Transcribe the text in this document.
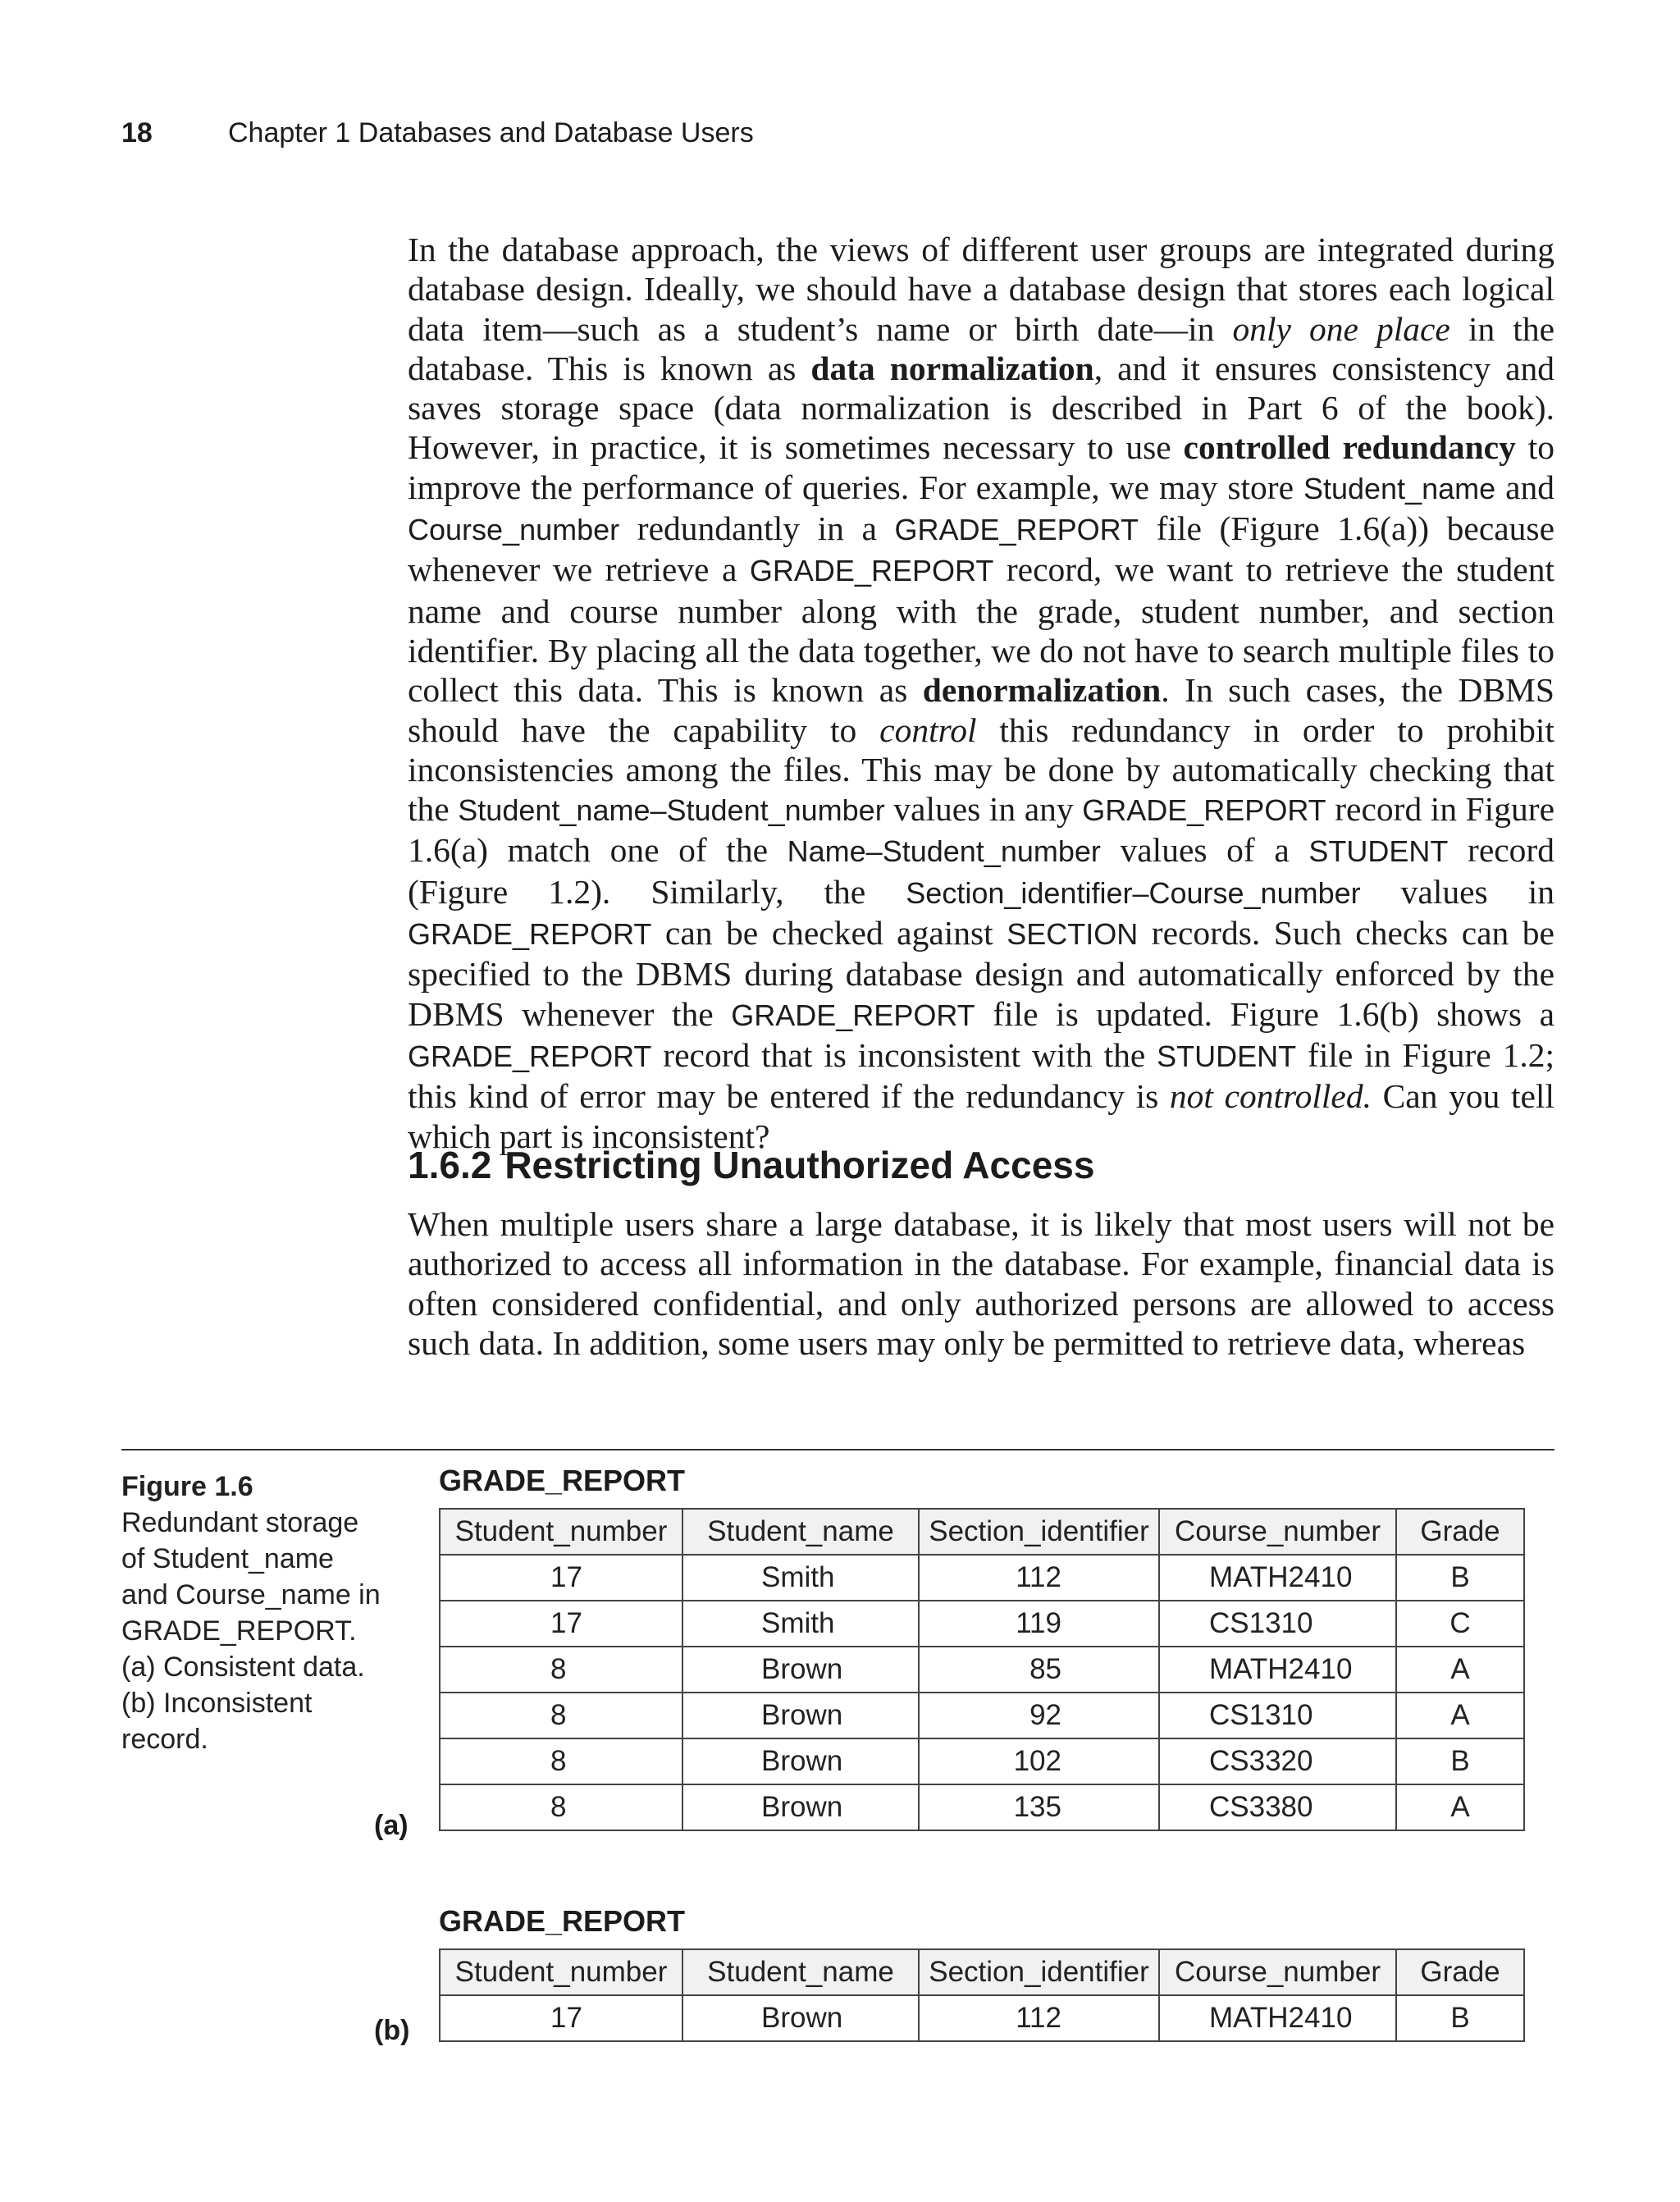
18	Chapter 1 Databases and Database Users

In the database approach, the views of different user groups are integrated during database design. Ideally, we should have a database design that stores each logical data item—such as a student’s name or birth date—in only one place in the database. This is known as data normalization, and it ensures consistency and saves storage space (data normalization is described in Part 6 of the book). However, in practice, it is sometimes necessary to use controlled redundancy to improve the performance of queries. For example, we may store Student_name and Course_number redundantly in a GRADE_REPORT file (Figure 1.6(a)) because whenever we retrieve a GRADE_REPORT record, we want to retrieve the student name and course number along with the grade, student number, and section identifier. By placing all the data together, we do not have to search multiple files to collect this data. This is known as denormalization. In such cases, the DBMS should have the capability to control this redundancy in order to prohibit inconsistencies among the files. This may be done by automatically checking that the Student_name–Student_number values in any GRADE_REPORT record in Figure 1.6(a) match one of the Name–Student_number values of a STUDENT record (Figure 1.2). Similarly, the Section_identifier–Course_number values in GRADE_REPORT can be checked against SECTION records. Such checks can be specified to the DBMS during database design and automatically enforced by the DBMS whenever the GRADE_REPORT file is updated. Figure 1.6(b) shows a GRADE_REPORT record that is inconsistent with the STUDENT file in Figure 1.2; this kind of error may be entered if the redundancy is not controlled. Can you tell which part is inconsistent?

1.6.2 Restricting Unauthorized Access

When multiple users share a large database, it is likely that most users will not be authorized to access all information in the database. For example, financial data is often considered confidential, and only authorized persons are allowed to access such data. In addition, some users may only be permitted to retrieve data, whereas

Figure 1.6
Redundant storage
of Student_name
and Course_name in
GRADE_REPORT.
(a) Consistent data.
(b) Inconsistent
record.
GRADE_REPORT
(a)
Student_number	Student_name	Section_identifier	Course_number	Grade
17	Smith	112	MATH2410	B
17	Smith	119	CS1310	C
8	Brown	85	MATH2410	A
8	Brown	92	CS1310	A
8	Brown	102	CS3320	B
8	Brown	135	CS3380	A
GRADE_REPORT
(b)
Student_number	Student_name	Section_identifier	Course_number	Grade
17	Brown	112	MATH2410	B
